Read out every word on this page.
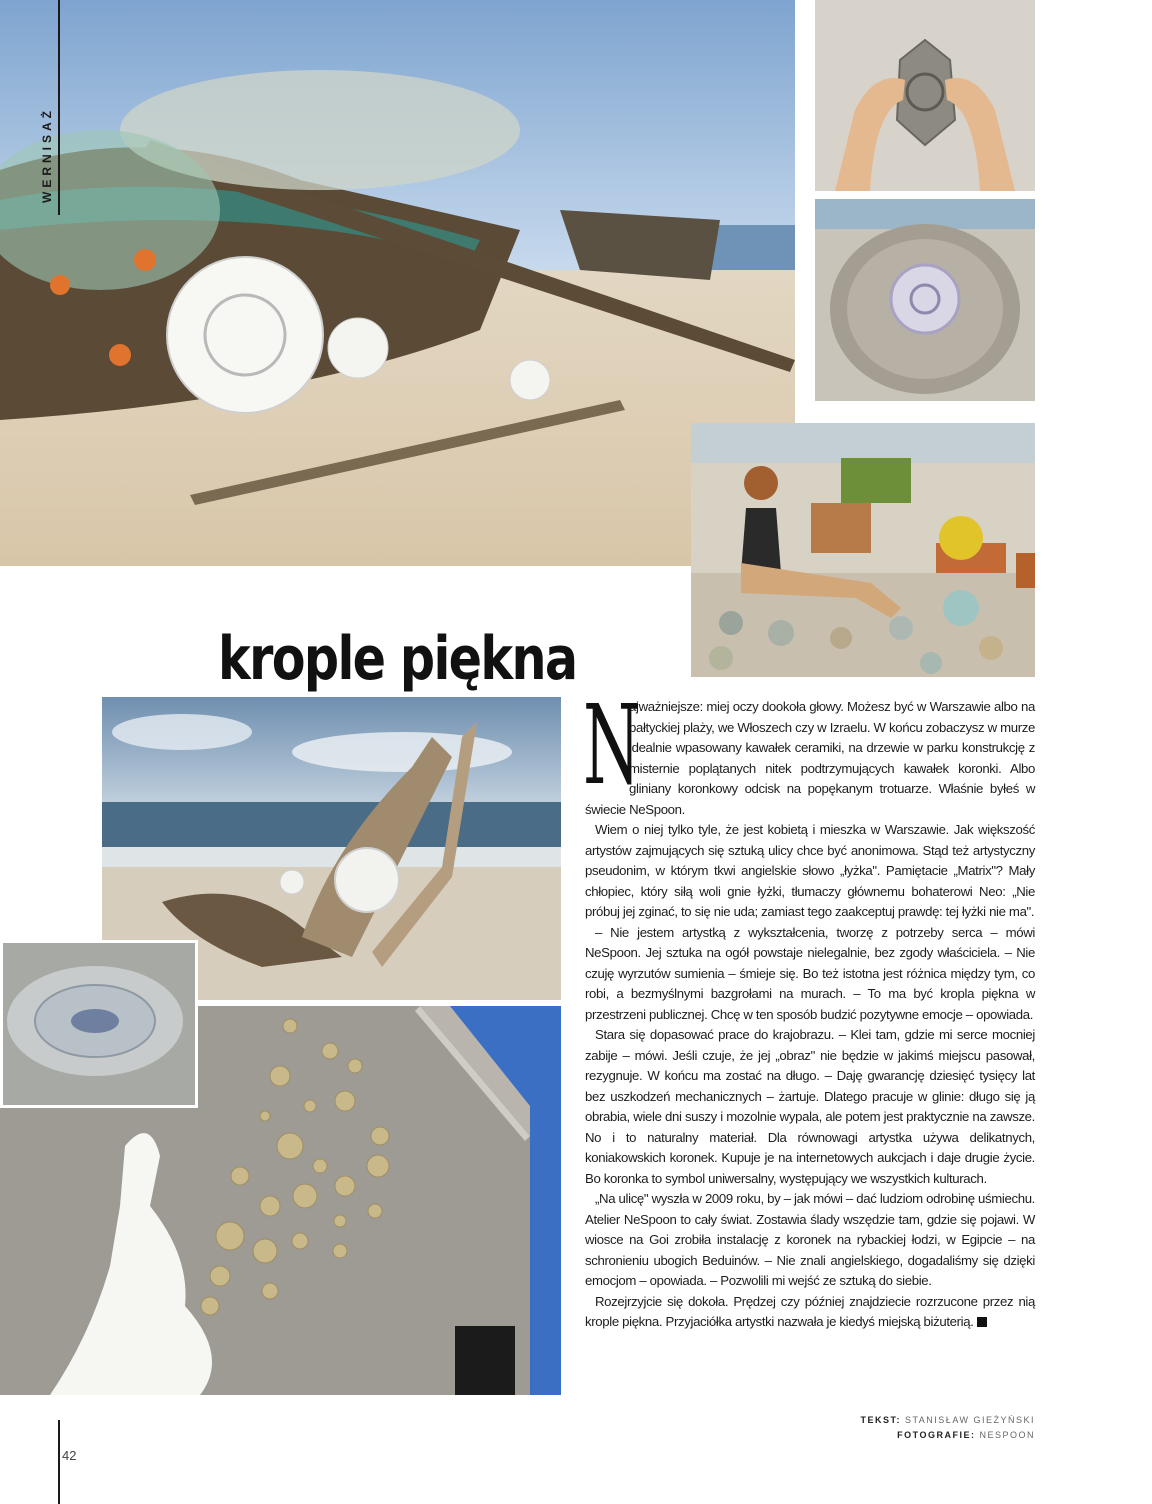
WERNISAŻ
krople piękna

N
ajważniejsze: miej oczy dookoła głowy. Możesz być w Warszawie albo na bałtyckiej plaży, we Włoszech czy w Izraelu. W końcu zobaczysz w murze idealnie wpasowany kawałek ceramiki, na drzewie w parku konstrukcję z misternie poplątanych nitek podtrzymujących kawałek koronki. Albo gliniany koronkowy odcisk na popękanym trotuarze. Właśnie byłeś w świecie NeSpoon.

Wiem o niej tylko tyle, że jest kobietą i mieszka w Warszawie. Jak większość artystów zajmujących się sztuką ulicy chce być anonimowa. Stąd też artystyczny pseudonim, w którym tkwi angielskie słowo „łyżka". Pamiętacie „Matrix"? Mały chłopiec, który siłą woli gnie łyżki, tłumaczy głównemu bohaterowi Neo: „Nie próbuj jej zginać, to się nie uda; zamiast tego zaakceptuj prawdę: tej łyżki nie ma".

– Nie jestem artystką z wykształcenia, tworzę z potrzeby serca – mówi NeSpoon. Jej sztuka na ogół powstaje nielegalnie, bez zgody właściciela. – Nie czuję wyrzutów sumienia – śmieje się. Bo też istotna jest różnica między tym, co robi, a bezmyślnymi bazgrołami na murach. – To ma być kropla piękna w przestrzeni publicznej. Chcę w ten sposób budzić pozytywne emocje – opowiada.

Stara się dopasować prace do krajobrazu. – Klei tam, gdzie mi serce mocniej zabije – mówi. Jeśli czuje, że jej „obraz" nie będzie w jakimś miejscu pasował, rezygnuje. W końcu ma zostać na długo. – Daję gwarancję dziesięć tysięcy lat bez uszkodzeń mechanicznych – żartuje. Dlatego pracuje w glinie: długo się ją obrabia, wiele dni suszy i mozolnie wypala, ale potem jest praktycznie na zawsze. No i to naturalny materiał. Dla równowagi artystka używa delikatnych, koniakowskich koronek. Kupuje je na internetowych aukcjach i daje drugie życie. Bo koronka to symbol uniwersalny, występujący we wszystkich kulturach.

„Na ulicę" wyszła w 2009 roku, by – jak mówi – dać ludziom odrobinę uśmiechu. Atelier NeSpoon to cały świat. Zostawia ślady wszędzie tam, gdzie się pojawi. W wiosce na Goi zrobiła instalację z koronek na rybackiej łodzi, w Egipcie – na schronieniu ubogich Beduinów. – Nie znali angielskiego, dogadaliśmy się dzięki emocjom – opowiada. – Pozwolili mi wejść ze sztuką do siebie.

Rozejrzyjcie się dokoła. Prędzej czy później znajdziecie rozrzucone przez nią krople piękna. Przyjaciółka artystki nazwała je kiedyś miejską biżuterią.

TEKST: STANISŁAW GIEŻYŃSKI
FOTOGRAFIE: NESPOON
42
